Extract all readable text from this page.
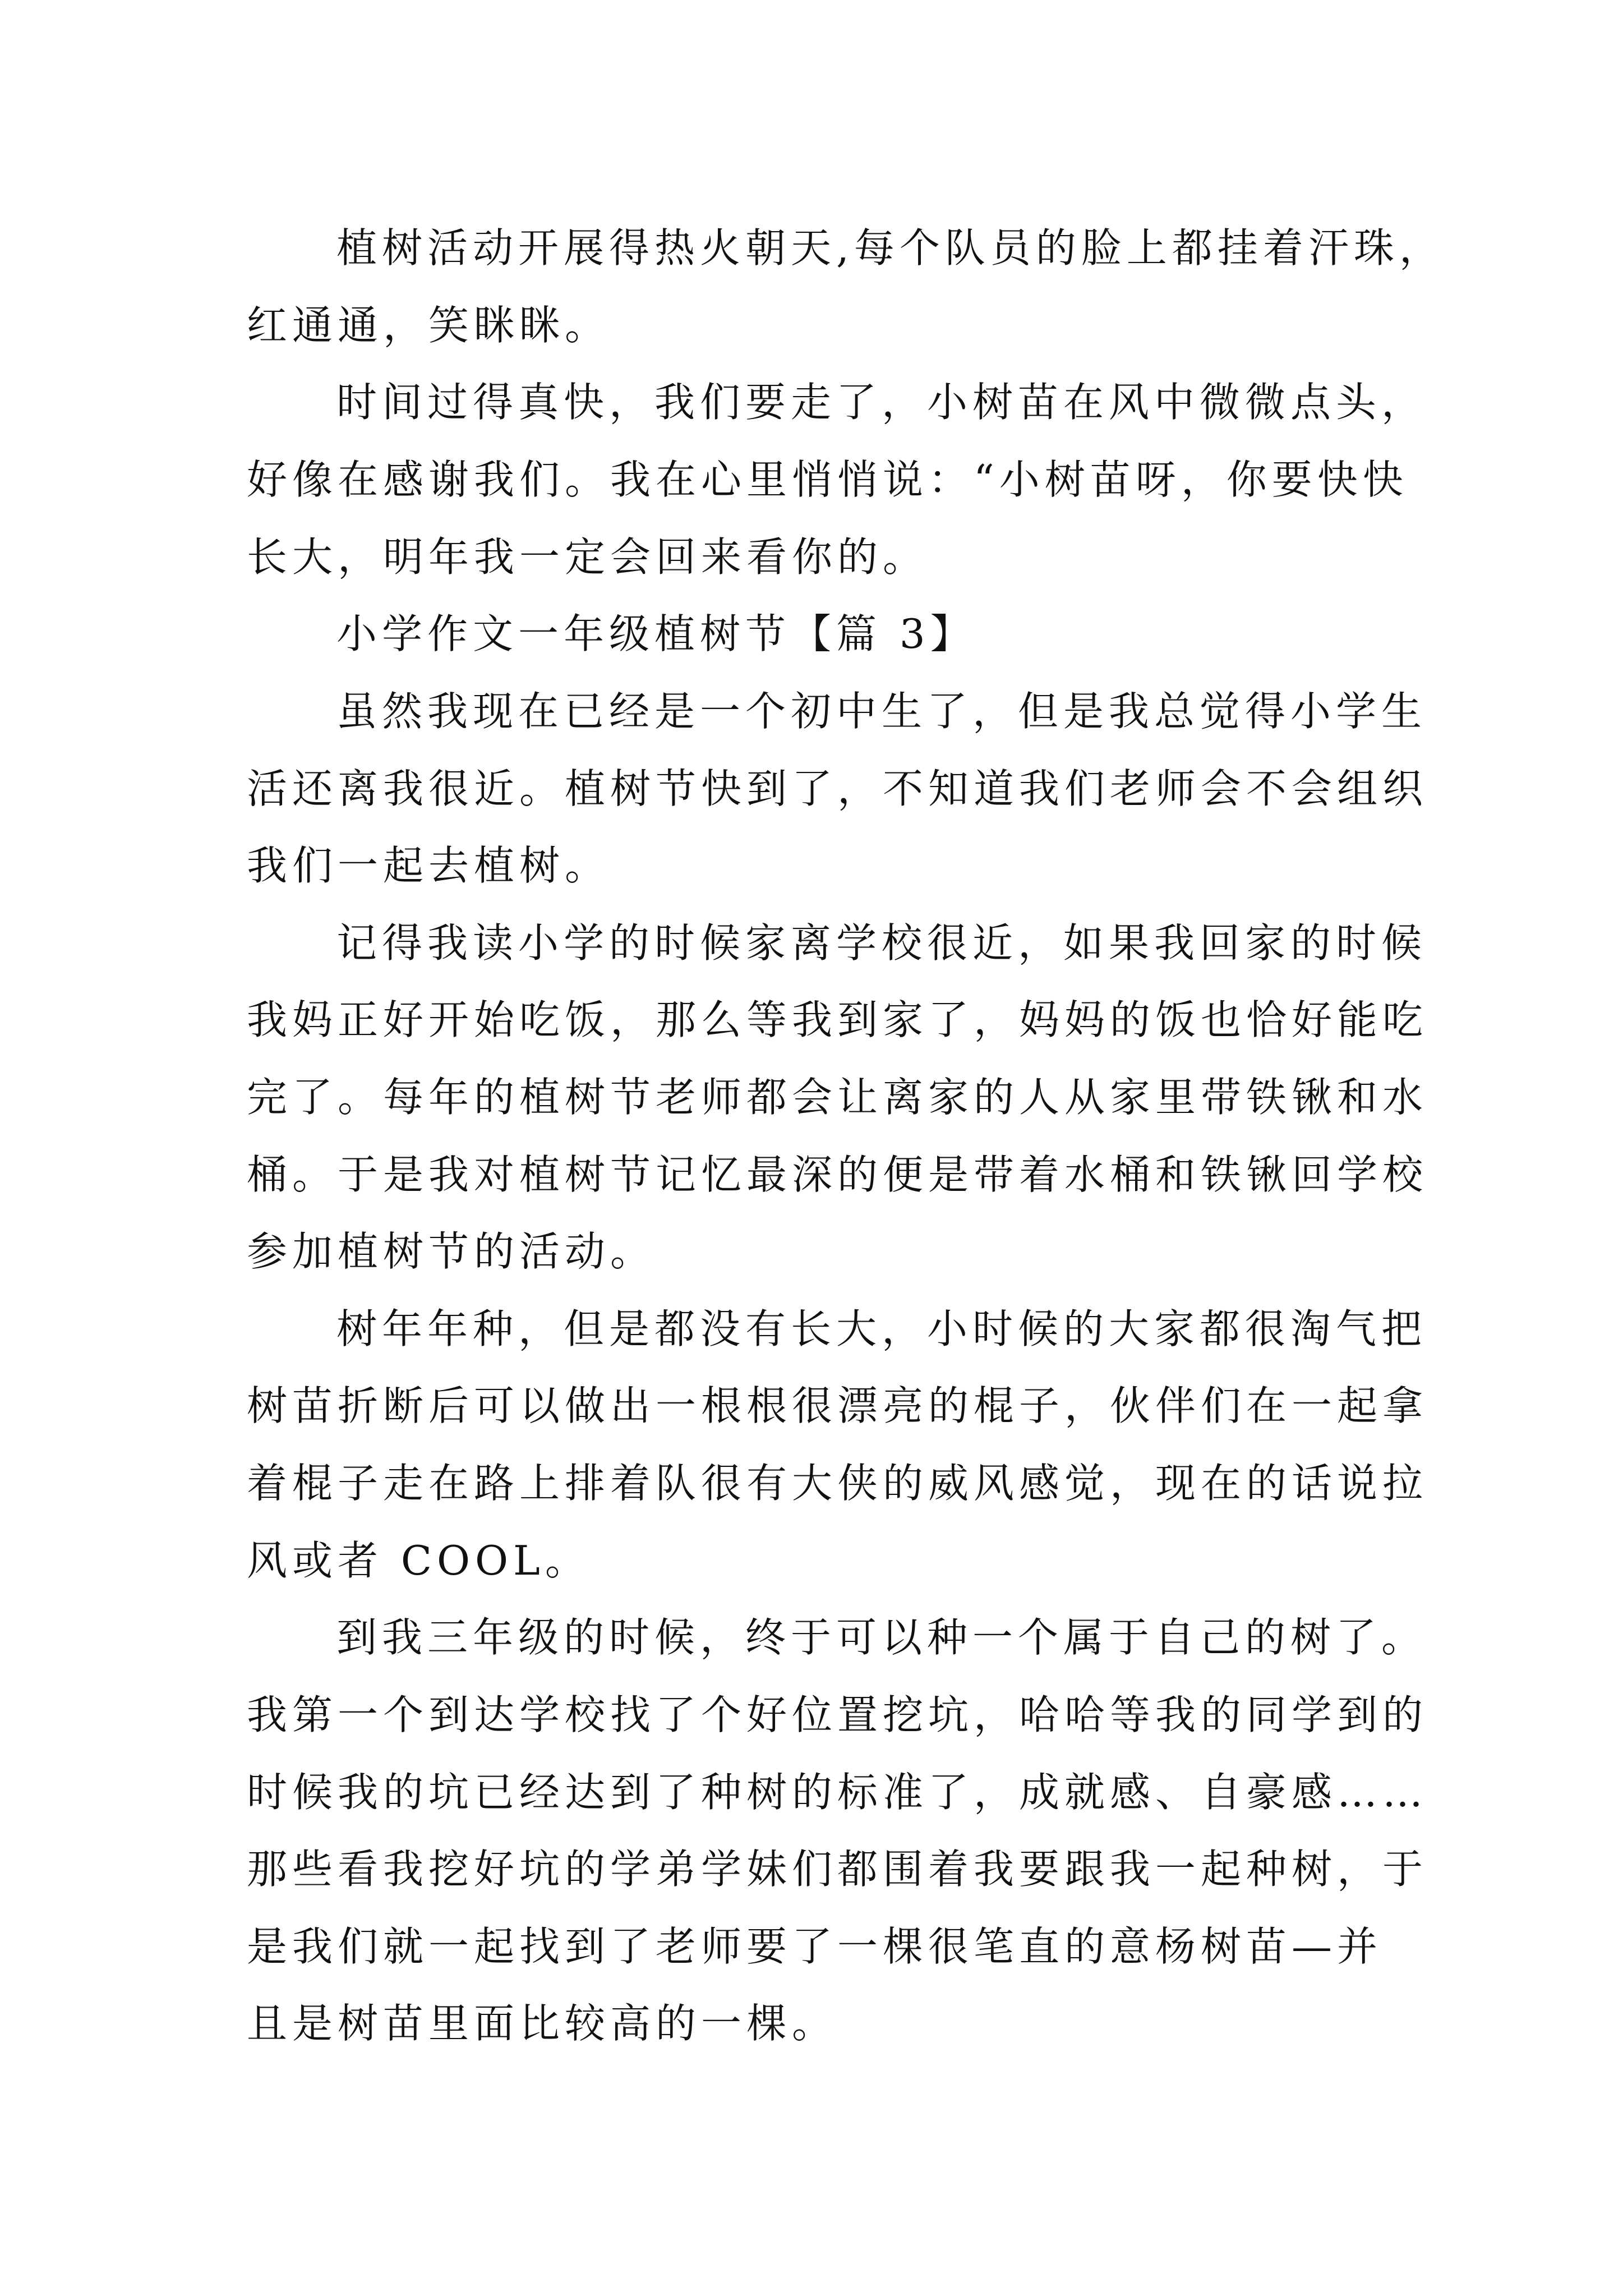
植树活动开展得热火朝天,每个队员的脸上都挂着汗珠，
红通通，笑眯眯。
时间过得真快，我们要走了，小树苗在风中微微点头，
好像在感谢我们。我在心里悄悄说：“小树苗呀，你要快快
长大，明年我一定会回来看你的。
小学作文一年级植树节【篇 3】
虽然我现在已经是一个初中生了，但是我总觉得小学生
活还离我很近。植树节快到了，不知道我们老师会不会组织
我们一起去植树。
记得我读小学的时候家离学校很近，如果我回家的时候
我妈正好开始吃饭，那么等我到家了，妈妈的饭也恰好能吃
完了。每年的植树节老师都会让离家的人从家里带铁锹和水
桶。于是我对植树节记忆最深的便是带着水桶和铁锹回学校
参加植树节的活动。
树年年种，但是都没有长大，小时候的大家都很淘气把
树苗折断后可以做出一根根很漂亮的棍子，伙伴们在一起拿
着棍子走在路上排着队很有大侠的威风感觉，现在的话说拉
风或者 COOL。
到我三年级的时候，终于可以种一个属于自己的树了。
我第一个到达学校找了个好位置挖坑，哈哈等我的同学到的
时候我的坑已经达到了种树的标准了，成就感、自豪感……
那些看我挖好坑的学弟学妹们都围着我要跟我一起种树，于
是我们就一起找到了老师要了一棵很笔直的意杨树苗—并
且是树苗里面比较高的一棵。
